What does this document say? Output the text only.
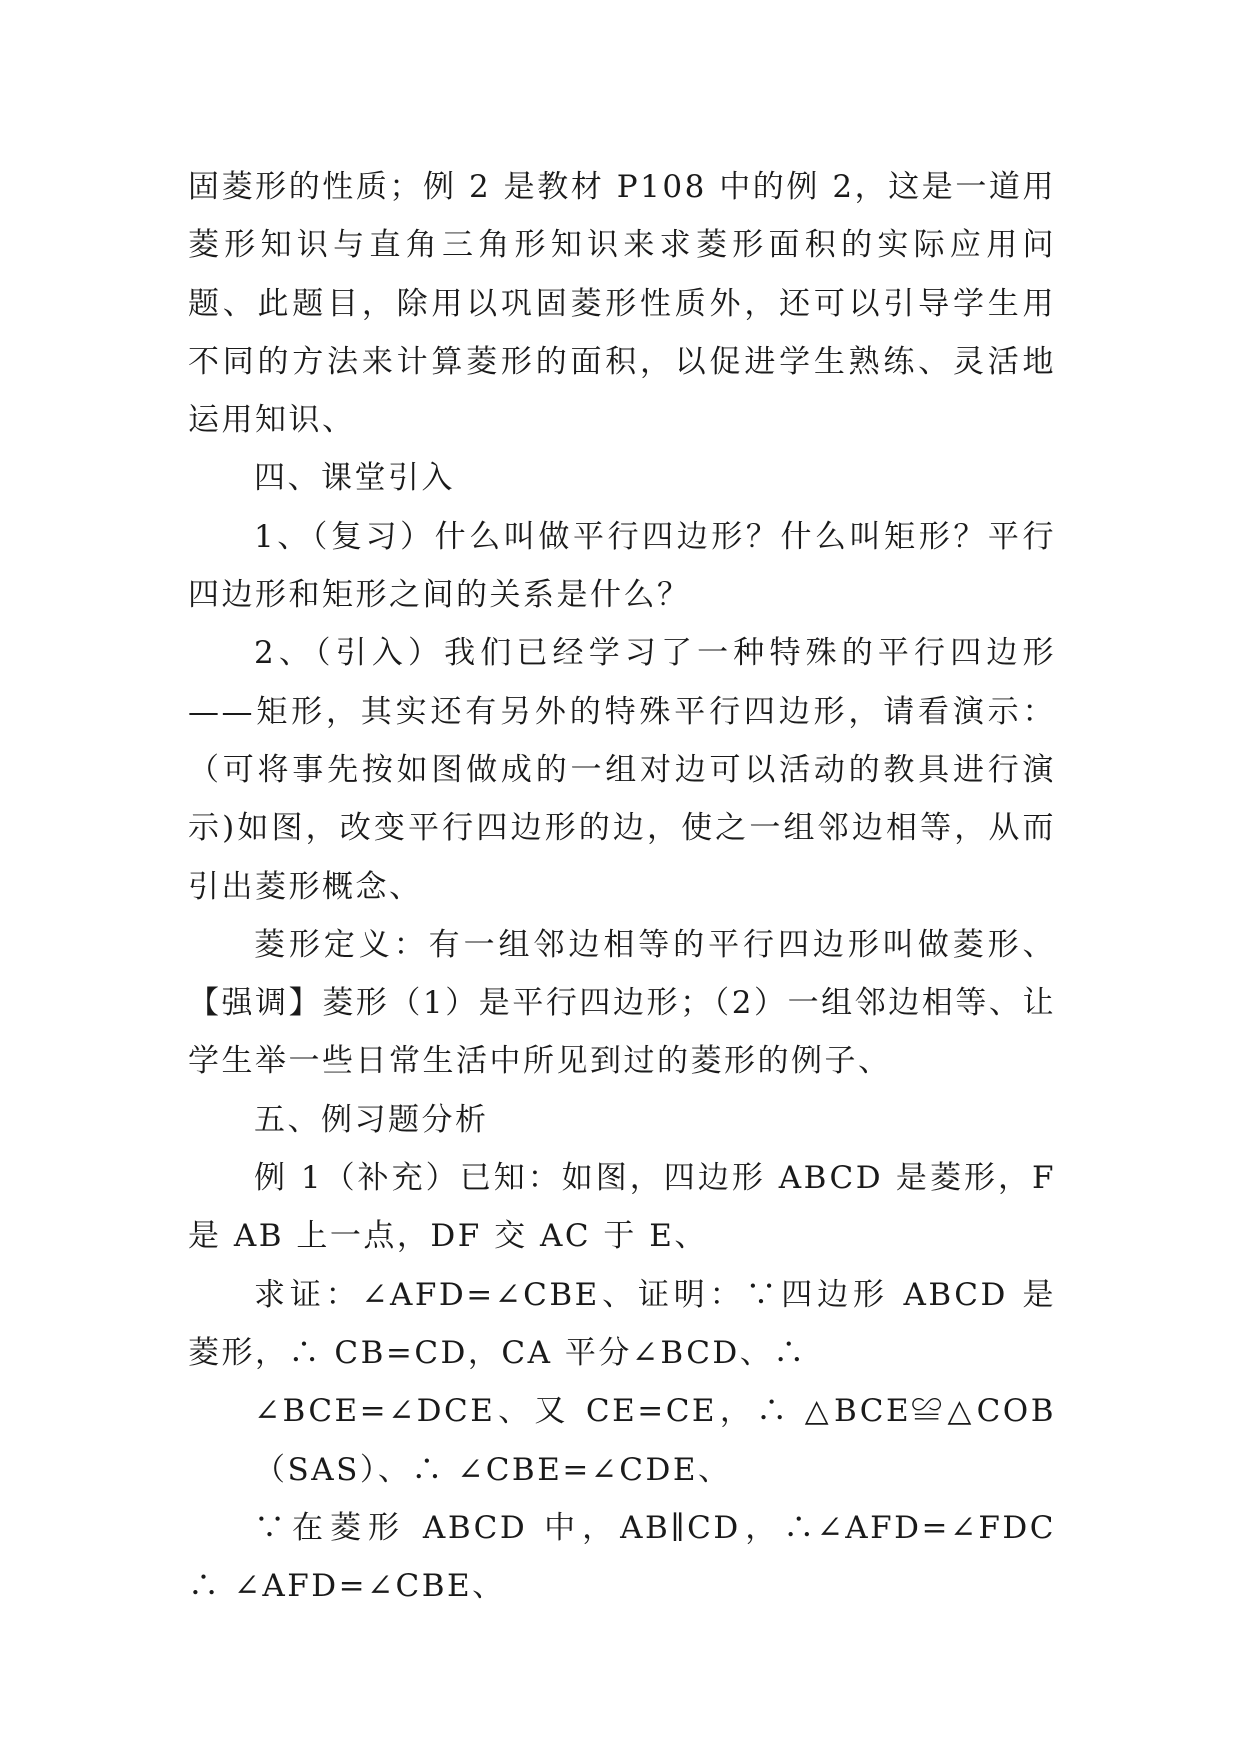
固菱形的性质；例 2 是教材 P108 中的例 2，这是一道用菱形知识与直角三角形知识来求菱形面积的实际应用问题、此题目，除用以巩固菱形性质外，还可以引导学生用不同的方法来计算菱形的面积，以促进学生熟练、灵活地运用知识、

四、课堂引入

1、（复习）什么叫做平行四边形？什么叫矩形？平行四边形和矩形之间的关系是什么？

2、（引入）我们已经学习了一种特殊的平行四边形——矩形，其实还有另外的特殊平行四边形，请看演示：（可将事先按如图做成的一组对边可以活动的教具进行演示)如图，改变平行四边形的边，使之一组邻边相等，从而引出菱形概念、

菱形定义：有一组邻边相等的平行四边形叫做菱形、【强调】菱形（1）是平行四边形；（2）一组邻边相等、让学生举一些日常生活中所见到过的菱形的例子、

五、例习题分析

例 1（补充）已知：如图，四边形 ABCD 是菱形，F 是 AB 上一点，DF 交 AC 于 E、

求证：∠AFD=∠CBE、证明：∵四边形 ABCD 是菱形，∴ CB=CD，CA 平分∠BCD、∴

∠BCE=∠DCE、又 CE=CE，∴ △BCE≌△COB（SAS）、∴ ∠CBE=∠CDE、

∵在菱形 ABCD 中，AB∥CD，∴∠AFD=∠FDC ∴ ∠AFD=∠CBE、
